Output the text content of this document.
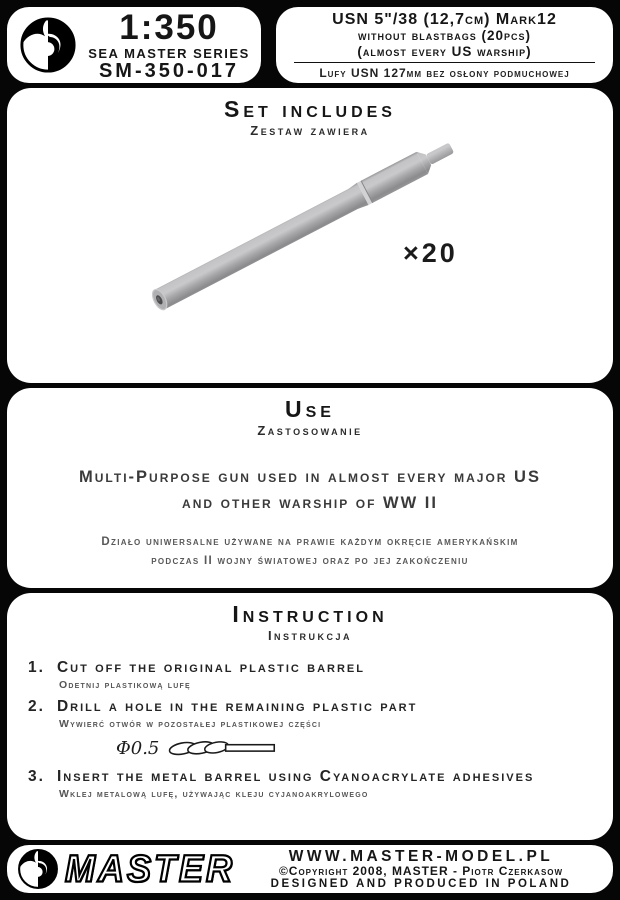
1:350
SEA MASTER SERIES
SM-350-017
USN 5"/38 (12,7cm) Mark12
without blastbags (20pcs)
(almost every US warship)
Lufy USN 127mm bez osłony podmuchowej
Set includes
Zestaw zawiera
×20
Use
Zastosowanie
Multi-Purpose gun used in almost every major US
and other warship of WW II
Działo uniwersalne używane na prawie każdym okręcie amerykańskim
podczas II wojny światowej oraz po jej zakończeniu
Instruction
Instrukcja
1. Cut off the original plastic barrel
Odetnij plastikową lufę
2. Drill a hole in the remaining plastic part
Wywierć otwór w pozostałej plastikowej części
Φ0.5
3. Insert the metal barrel using Cyanoacrylate adhesives
Wklej metalową lufę, używając kleju cyjanoakrylowego
MASTER	WWW.MASTER-MODEL.PL
©Copyright 2008, MASTER - Piotr Czerkasow
DESIGNED AND PRODUCED IN POLAND
